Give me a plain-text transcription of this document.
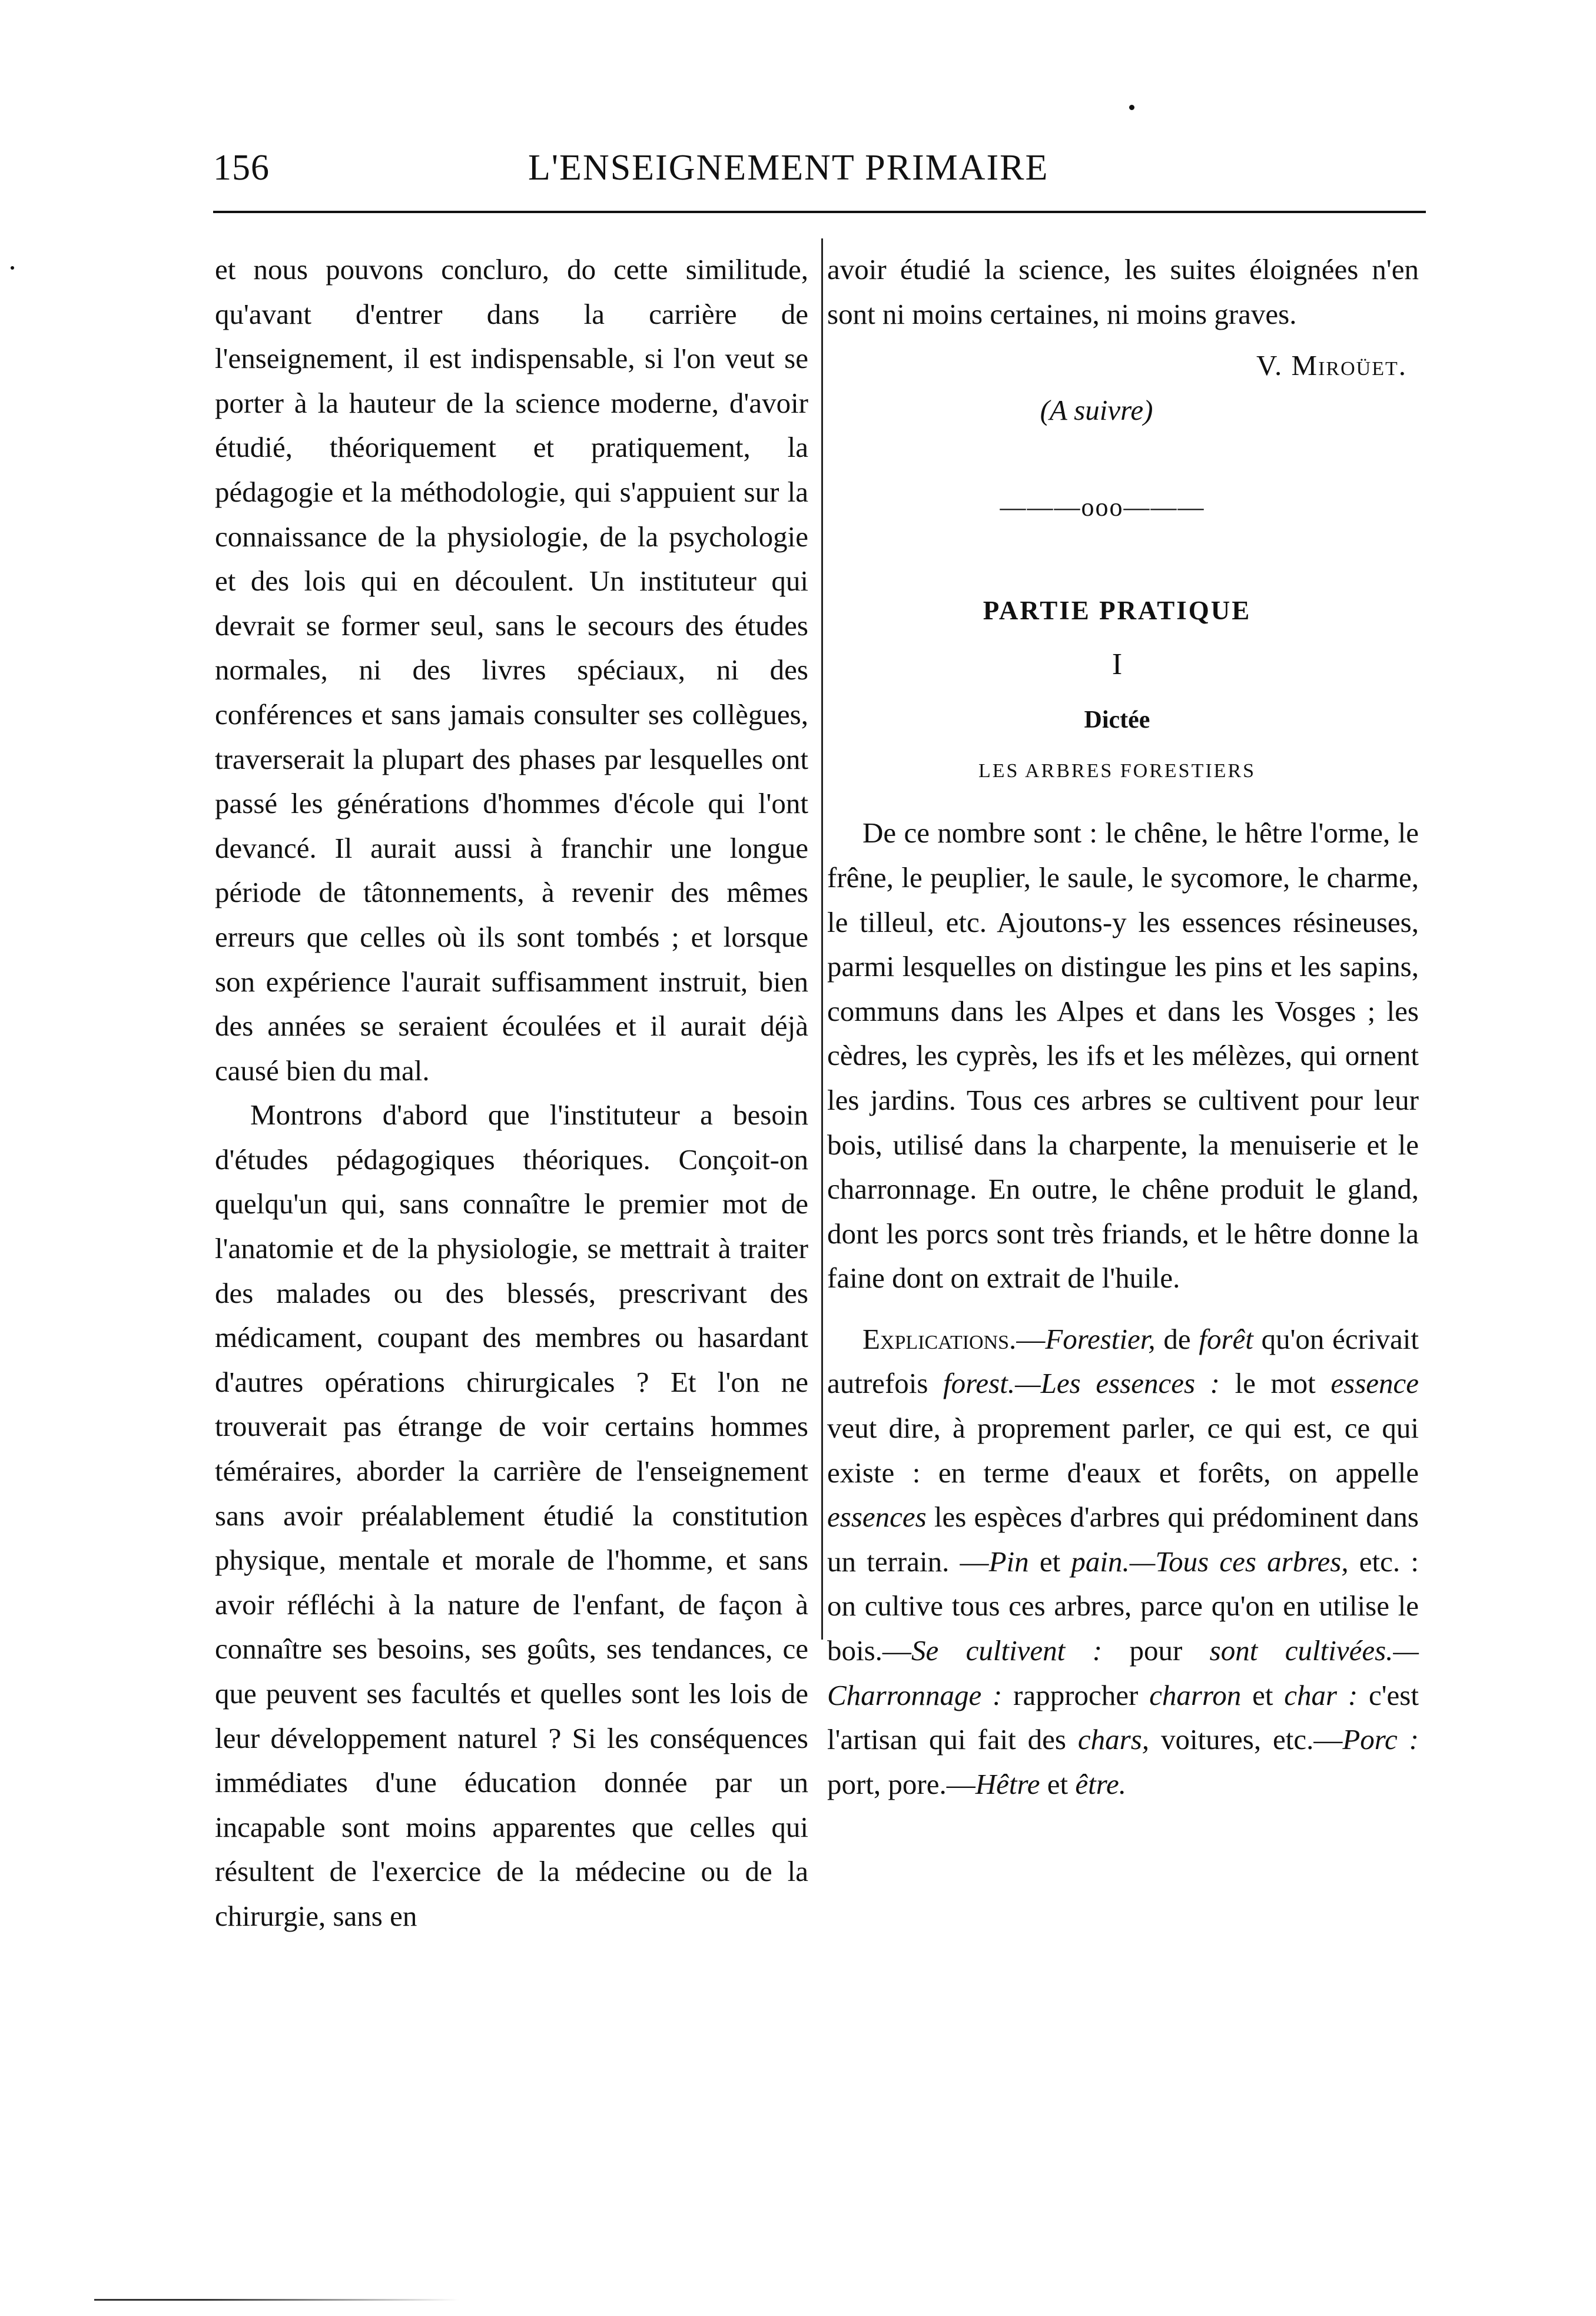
156	L'ENSEIGNEMENT PRIMAIRE

et nous pouvons concluro, do cette similitude, qu'avant d'entrer dans la carrière de l'enseignement, il est indispensable, si l'on veut se porter à la hauteur de la science moderne, d'avoir étudié, théoriquement et pratiquement, la pédagogie et la méthodologie, qui s'appuient sur la connaissance de la physiologie, de la psychologie et des lois qui en découlent. Un instituteur qui devrait se former seul, sans le secours des études normales, ni des livres spéciaux, ni des conférences et sans jamais consulter ses collègues, traverserait la plupart des phases par lesquelles ont passé les générations d'hommes d'école qui l'ont devancé. Il aurait aussi à franchir une longue période de tâtonnements, à revenir des mêmes erreurs que celles où ils sont tombés ; et lorsque son expérience l'aurait suffisamment instruit, bien des années se seraient écoulées et il aurait déjà causé bien du mal.

Montrons d'abord que l'instituteur a besoin d'études pédagogiques théoriques. Conçoit-on quelqu'un qui, sans connaître le premier mot de l'anatomie et de la physiologie, se mettrait à traiter des malades ou des blessés, prescrivant des médicament, coupant des membres ou hasardant d'autres opérations chirurgicales ? Et l'on ne trouverait pas étrange de voir certains hommes téméraires, aborder la carrière de l'enseignement sans avoir préalablement étudié la constitution physique, mentale et morale de l'homme, et sans avoir réfléchi à la nature de l'enfant, de façon à connaître ses besoins, ses goûts, ses tendances, ce que peuvent ses facultés et quelles sont les lois de leur développement naturel ? Si les conséquences immédiates d'une éducation donnée par un incapable sont moins apparentes que celles qui résultent de l'exercice de la médecine ou de la chirurgie, sans en

avoir étudié la science, les suites éloignées n'en sont ni moins certaines, ni moins graves.

V. Miroüet.

(A suivre)

———ooo———

PARTIE PRATIQUE

I

Dictée

LES ARBRES FORESTIERS

De ce nombre sont : le chêne, le hêtre l'orme, le frêne, le peuplier, le saule, le sycomore, le charme, le tilleul, etc. Ajoutons-y les essences résineuses, parmi lesquelles on distingue les pins et les sapins, communs dans les Alpes et dans les Vosges ; les cèdres, les cyprès, les ifs et les mélèzes, qui ornent les jardins. Tous ces arbres se cultivent pour leur bois, utilisé dans la charpente, la menuiserie et le charronnage. En outre, le chêne produit le gland, dont les porcs sont très friands, et le hêtre donne la faine dont on extrait de l'huile.

Explications.—Forestier, de forêt qu'on écrivait autrefois forest.—Les essences : le mot essence veut dire, à proprement parler, ce qui est, ce qui existe : en terme d'eaux et forêts, on appelle essences les espèces d'arbres qui prédominent dans un terrain. —Pin et pain.—Tous ces arbres, etc. : on cultive tous ces arbres, parce qu'on en utilise le bois.—Se cultivent : pour sont cultivées.—Charronnage : rapprocher charron et char : c'est l'artisan qui fait des chars, voitures, etc.—Porc : port, pore.—Hêtre et être.
